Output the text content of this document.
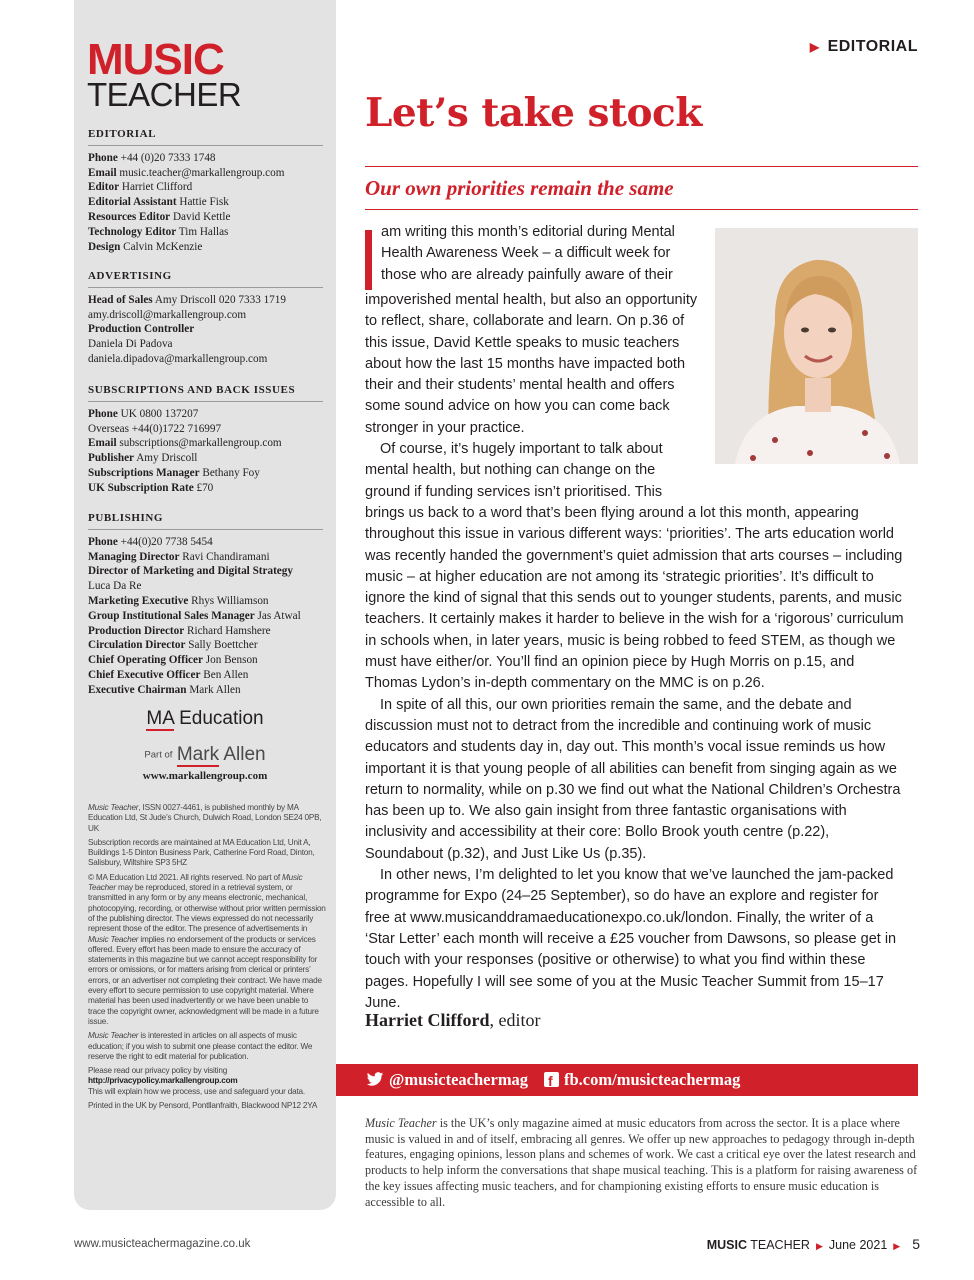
MUSIC
TEACHER
EDITORIAL
Phone +44 (0)20 7333 1748
Email music.teacher@markallengroup.com
Editor Harriet Clifford
Editorial Assistant Hattie Fisk
Resources Editor David Kettle
Technology Editor Tim Hallas
Design Calvin McKenzie
ADVERTISING
Head of Sales Amy Driscoll 020 7333 1719
amy.driscoll@markallengroup.com
Production Controller
Daniela Di Padova
daniela.dipadova@markallengroup.com
SUBSCRIPTIONS AND BACK ISSUES
Phone UK 0800 137207
Overseas +44(0)1722 716997
Email subscriptions@markallengroup.com
Publisher Amy Driscoll
Subscriptions Manager Bethany Foy
UK Subscription Rate £70
PUBLISHING
Phone +44(0)20 7738 5454
Managing Director Ravi Chandiramani
Director of Marketing and Digital Strategy
Luca Da Re
Marketing Executive Rhys Williamson
Group Institutional Sales Manager Jas Atwal
Production Director Richard Hamshere
Circulation Director Sally Boettcher
Chief Operating Officer Jon Benson
Chief Executive Officer Ben Allen
Executive Chairman Mark Allen
MA Education
Part of Mark Allen
www.markallengroup.com

Music Teacher, ISSN 0027-4461, is published monthly by MA Education Ltd, St Jude’s Church, Dulwich Road, London SE24 0PB, UK

Subscription records are maintained at MA Education Ltd, Unit A, Buildings 1-5 Dinton Business Park, Catherine Ford Road, Dinton, Salisbury, Wiltshire SP3 5HZ

© MA Education Ltd 2021. All rights reserved. No part of Music Teacher may be reproduced, stored in a retrieval system, or transmitted in any form or by any means electronic, mechanical, photocopying, recording, or otherwise without prior written permission of the publishing director. The views expressed do not necessarily represent those of the editor. The presence of advertisements in Music Teacher implies no endorsement of the products or services offered. Every effort has been made to ensure the accuracy of statements in this magazine but we cannot accept responsibility for errors or omissions, or for matters arising from clerical or printers’ errors, or an advertiser not completing their contract. We have made every effort to secure permission to use copyright material. Where material has been used inadvertently or we have been unable to trace the copyright owner, acknowledgment will be made in a future issue.

Music Teacher is interested in articles on all aspects of music education; if you wish to submit one please contact the editor. We reserve the right to edit material for publication.

Please read our privacy policy by visiting
http://privacypolicy.markallengroup.com
This will explain how we process, use and safeguard your data.

Printed in the UK by Pensord, Pontllanfraith, Blackwood NP12 2YA

▶ EDITORIAL
Let’s take stock
Our own priorities remain the same

am writing this month’s editorial during Mental

Health Awareness Week – a difficult week for

those who are already painfully aware of their

impoverished mental health, but also an opportunity to reflect, share, collaborate and learn. On p.36 of this issue, David Kettle speaks to music teachers about how the last 15 months have impacted both their and their students’ mental health and offers some sound advice on how you can come back stronger in your practice.

Of course, it’s hugely important to talk about mental health, but nothing can change on the ground if funding services isn’t prioritised. This

brings us back to a word that’s been flying around a lot this month, appearing throughout this issue in various different ways: ‘priorities’. The arts education world was recently handed the government’s quiet admission that arts courses – including music – at higher education are not among its ‘strategic priorities’. It’s difficult to ignore the kind of signal that this sends out to younger students, parents, and music teachers. It certainly makes it harder to believe in the wish for a ‘rigorous’ curriculum in schools when, in later years, music is being robbed to feed STEM, as though we must have either/or. You’ll find an opinion piece by Hugh Morris on p.15, and Thomas Lydon’s in-depth commentary on the MMC is on p.26.

In spite of all this, our own priorities remain the same, and the debate and discussion must not to detract from the incredible and continuing work of music educators and students day in, day out. This month’s vocal issue reminds us how important it is that young people of all abilities can benefit from singing again as we return to normality, while on p.30 we find out what the National Children’s Orchestra has been up to. We also gain insight from three fantastic organisations with inclusivity and accessibility at their core: Bollo Brook youth centre (p.22), Soundabout (p.32), and Just Like Us (p.35).

In other news, I’m delighted to let you know that we’ve launched the jam-packed programme for Expo (24–25 September), so do have an explore and register for free at www.musicanddramaeducationexpo.co.uk/london. Finally, the writer of a ‘Star Letter’ each month will receive a £25 voucher from Dawsons, so please get in touch with your responses (positive or otherwise) to what you find within these pages. Hopefully I will see some of you at the Music Teacher Summit from 15–17 June.

Harriet Clifford, editor

@musicteachermag f fb.com/musicteachermag

Music Teacher is the UK’s only magazine aimed at music educators from across the sector. It is a place where music is valued in and of itself, embracing all genres. We offer up new approaches to pedagogy through in-depth features, engaging opinions, lesson plans and schemes of work. We cast a critical eye over the latest research and products to help inform the conversations that shape musical teaching. This is a platform for raising awareness of the key issues affecting music teachers, and for championing existing efforts to ensure music education is accessible to all.

www.musicteachermagazine.co.uk	MUSIC TEACHER ▶ June 2021 ▶ 5
